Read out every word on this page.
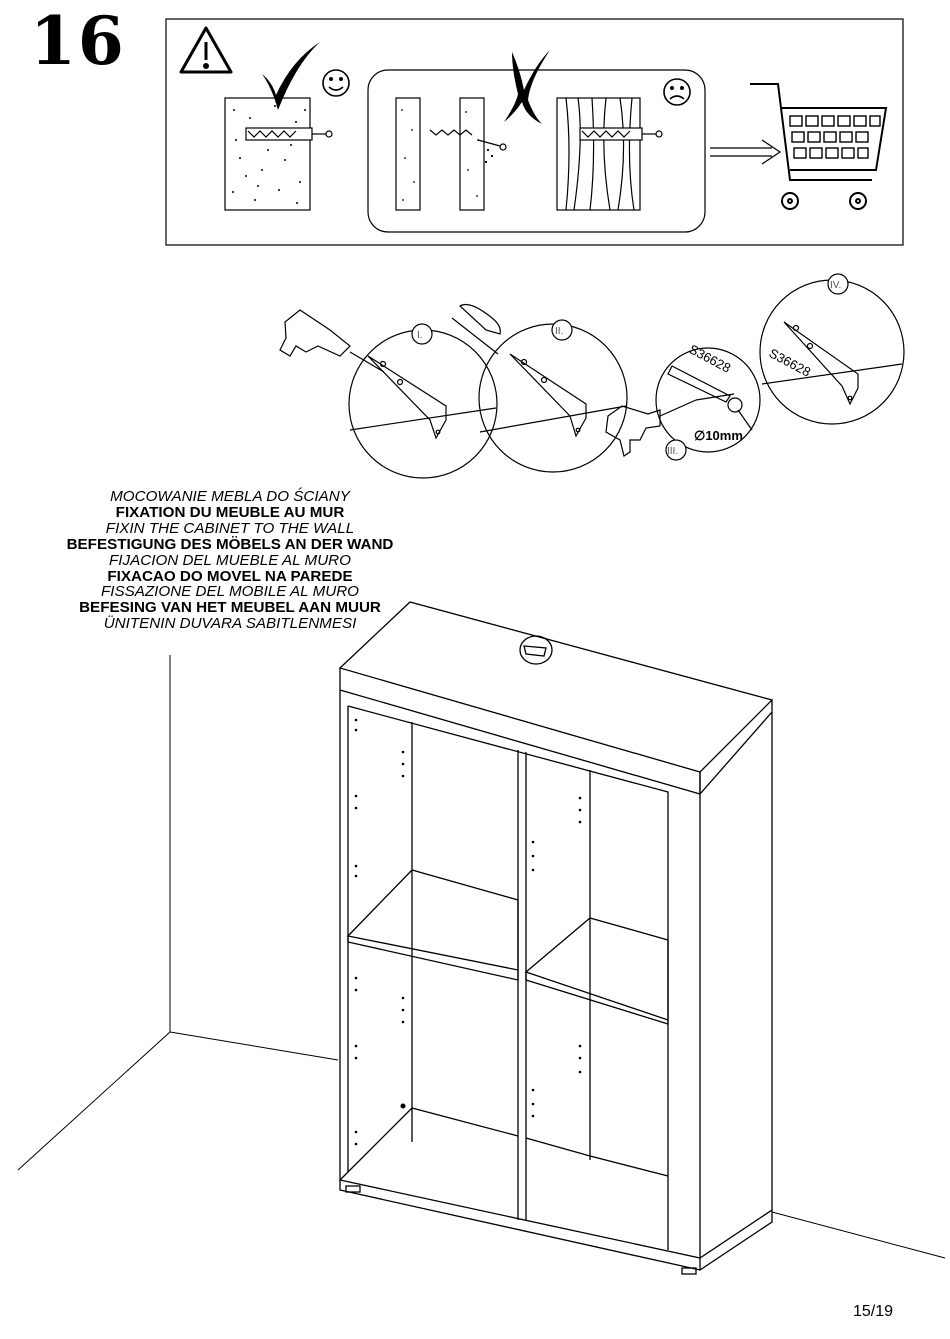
16
I.	II.
III.
IV.
S36628	S36628
∅10mm
MOCOWANIE MEBLA DO ŚCIANY
FIXATION DU MEUBLE AU MUR
FIXIN THE CABINET TO THE WALL
BEFESTIGUNG DES MÖBELS AN DER WAND
FIJACION DEL MUEBLE AL MURO
FIXACAO DO MOVEL NA PAREDE
FISSAZIONE DEL MOBILE AL MURO
BEFESING VAN HET MEUBEL AAN MUUR
ÜNITENIN DUVARA SABITLENMESI
15/19
